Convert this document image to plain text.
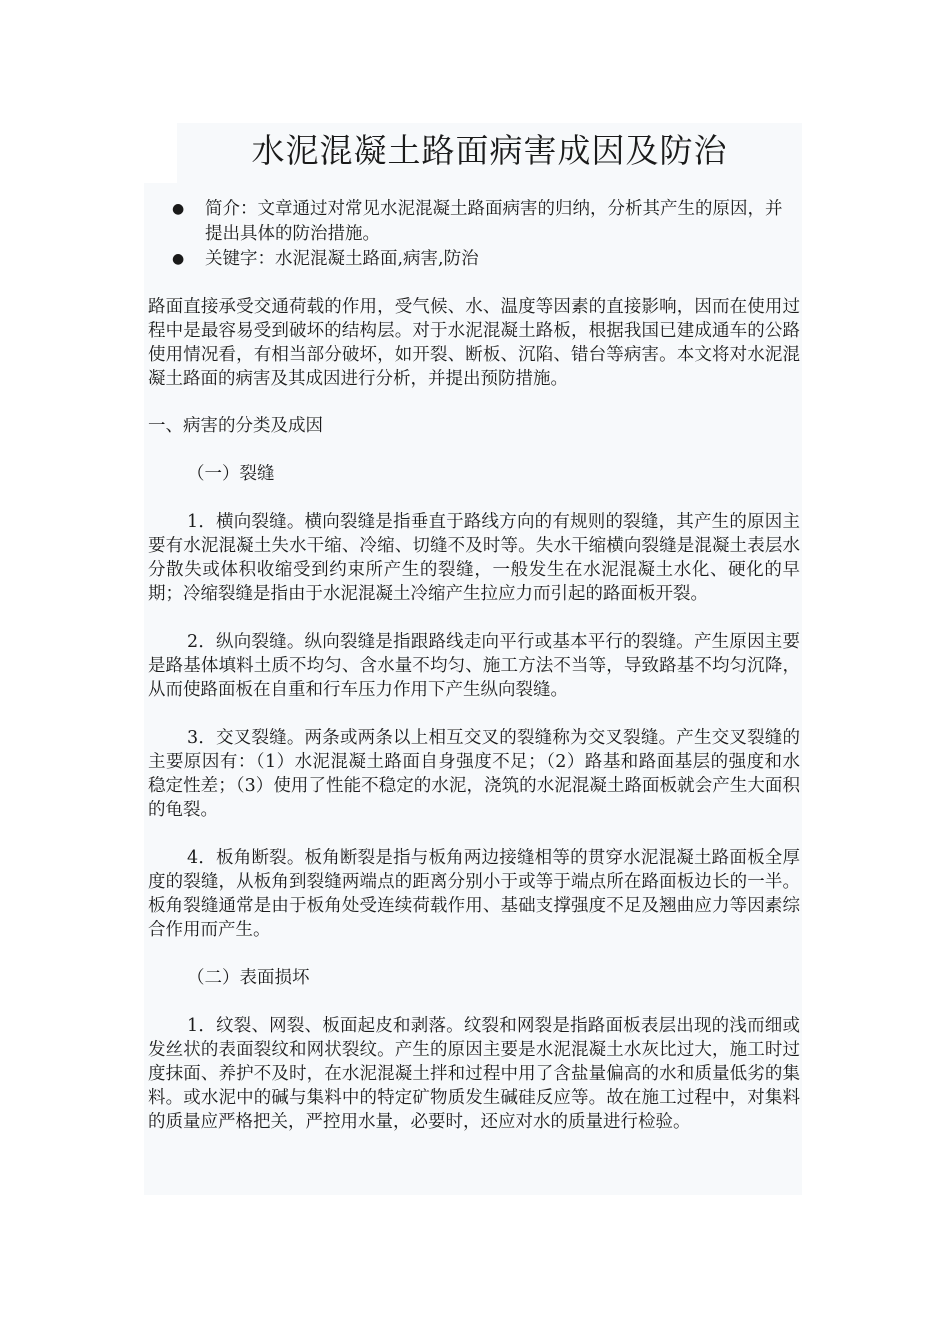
水泥混凝土路面病害成因及防治
● 简介：文章通过对常见水泥混凝土路面病害的归纳，分析其产生的原因，并提出具体的防治措施。
● 关键字：水泥混凝土路面,病害,防治

路面直接承受交通荷载的作用，受气候、水、温度等因素的直接影响，因而在使用过程中是最容易受到破坏的结构层。对于水泥混凝土路板，根据我国已建成通车的公路使用情况看，有相当部分破坏，如开裂、断板、沉陷、错台等病害。本文将对水泥混凝土路面的病害及其成因进行分析，并提出预防措施。

一、病害的分类及成因

（一）裂缝

1．横向裂缝。横向裂缝是指垂直于路线方向的有规则的裂缝，其产生的原因主要有水泥混凝土失水干缩、冷缩、切缝不及时等。失水干缩横向裂缝是混凝土表层水分散失或体积收缩受到约束所产生的裂缝，一般发生在水泥混凝土水化、硬化的早期；冷缩裂缝是指由于水泥混凝土冷缩产生拉应力而引起的路面板开裂。

2．纵向裂缝。纵向裂缝是指跟路线走向平行或基本平行的裂缝。产生原因主要是路基体填料土质不均匀、含水量不均匀、施工方法不当等，导致路基不均匀沉降，从而使路面板在自重和行车压力作用下产生纵向裂缝。

3．交叉裂缝。两条或两条以上相互交叉的裂缝称为交叉裂缝。产生交叉裂缝的主要原因有：（1）水泥混凝土路面自身强度不足；（2）路基和路面基层的强度和水稳定性差；（3）使用了性能不稳定的水泥，浇筑的水泥混凝土路面板就会产生大面积的龟裂。

4．板角断裂。板角断裂是指与板角两边接缝相等的贯穿水泥混凝土路面板全厚度的裂缝，从板角到裂缝两端点的距离分别小于或等于端点所在路面板边长的一半。板角裂缝通常是由于板角处受连续荷载作用、基础支撑强度不足及翘曲应力等因素综合作用而产生。

（二）表面损坏

1．纹裂、网裂、板面起皮和剥落。纹裂和网裂是指路面板表层出现的浅而细或发丝状的表面裂纹和网状裂纹。产生的原因主要是水泥混凝土水灰比过大，施工时过度抹面、养护不及时，在水泥混凝土拌和过程中用了含盐量偏高的水和质量低劣的集料。或水泥中的碱与集料中的特定矿物质发生碱硅反应等。故在施工过程中，对集料的质量应严格把关，严控用水量，必要时，还应对水的质量进行检验。
